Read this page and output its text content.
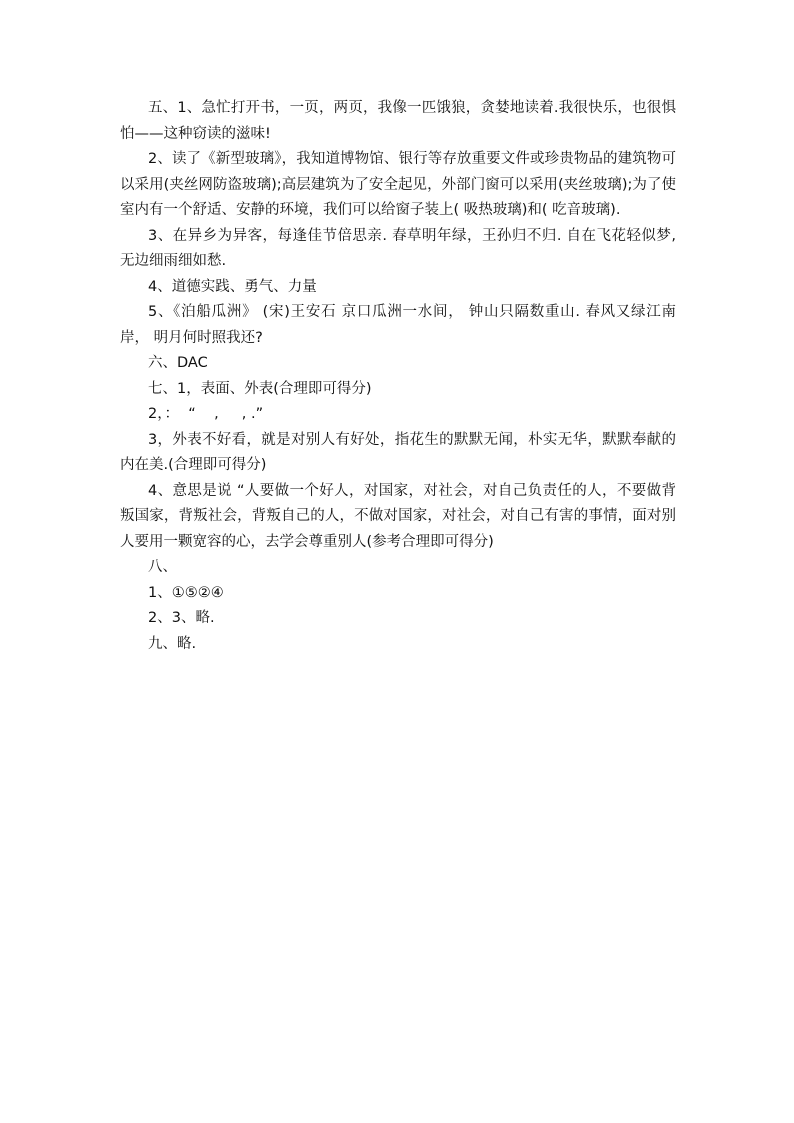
五、1、急忙打开书，一页，两页，我像一匹饿狼，贪婪地读着.我很快乐，也很惧怕——这种窃读的滋味!

2、读了《新型玻璃》，我知道博物馆、银行等存放重要文件或珍贵物品的建筑物可以采用(夹丝网防盗玻璃);高层建筑为了安全起见，外部门窗可以采用(夹丝玻璃);为了使室内有一个舒适、安静的环境，我们可以给窗子装上( 吸热玻璃)和( 吃音玻璃).

3、在异乡为异客，每逢佳节倍思亲. 春草明年绿，王孙归不归. 自在飞花轻似梦, 无边细雨细如愁.

4、道德实践、勇气、力量

5、《泊船瓜洲》 (宋)王安石 京口瓜洲一水间， 钟山只隔数重山. 春风又绿江南岸， 明月何时照我还?

六、DAC

七、1，表面、外表(合理即可得分)

2，：  “    ,     , .”

3，外表不好看，就是对别人有好处，指花生的默默无闻，朴实无华，默默奉献的内在美.(合理即可得分)

4、意思是说 “人要做一个好人，对国家，对社会，对自己负责任的人，不要做背叛国家，背叛社会，背叛自己的人，不做对国家，对社会，对自己有害的事情，面对别人要用一颗宽容的心，去学会尊重别人(参考合理即可得分)

八、

1、①⑤②④

2、3、略.

九、略.
